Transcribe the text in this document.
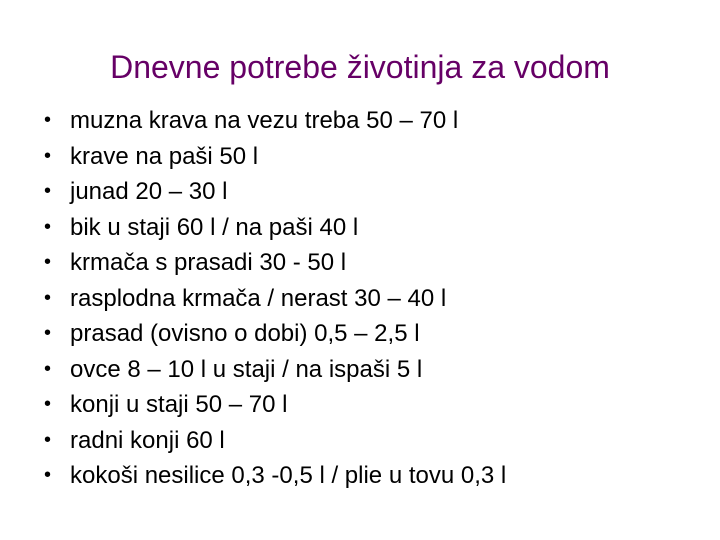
Dnevne potrebe životinja za vodom
• muzna krava na vezu treba 50 – 70 l
• krave na paši 50 l
• junad 20 – 30 l
• bik u staji 60 l / na paši 40 l
• krmača s prasadi 30 - 50 l
• rasplodna krmača / nerast 30 – 40 l
• prasad (ovisno o dobi) 0,5 – 2,5 l
• ovce 8 – 10 l u staji / na ispaši 5 l
• konji u staji 50 – 70 l
• radni konji 60 l
• kokoši nesilice 0,3 -0,5 l / plie u tovu 0,3 l
